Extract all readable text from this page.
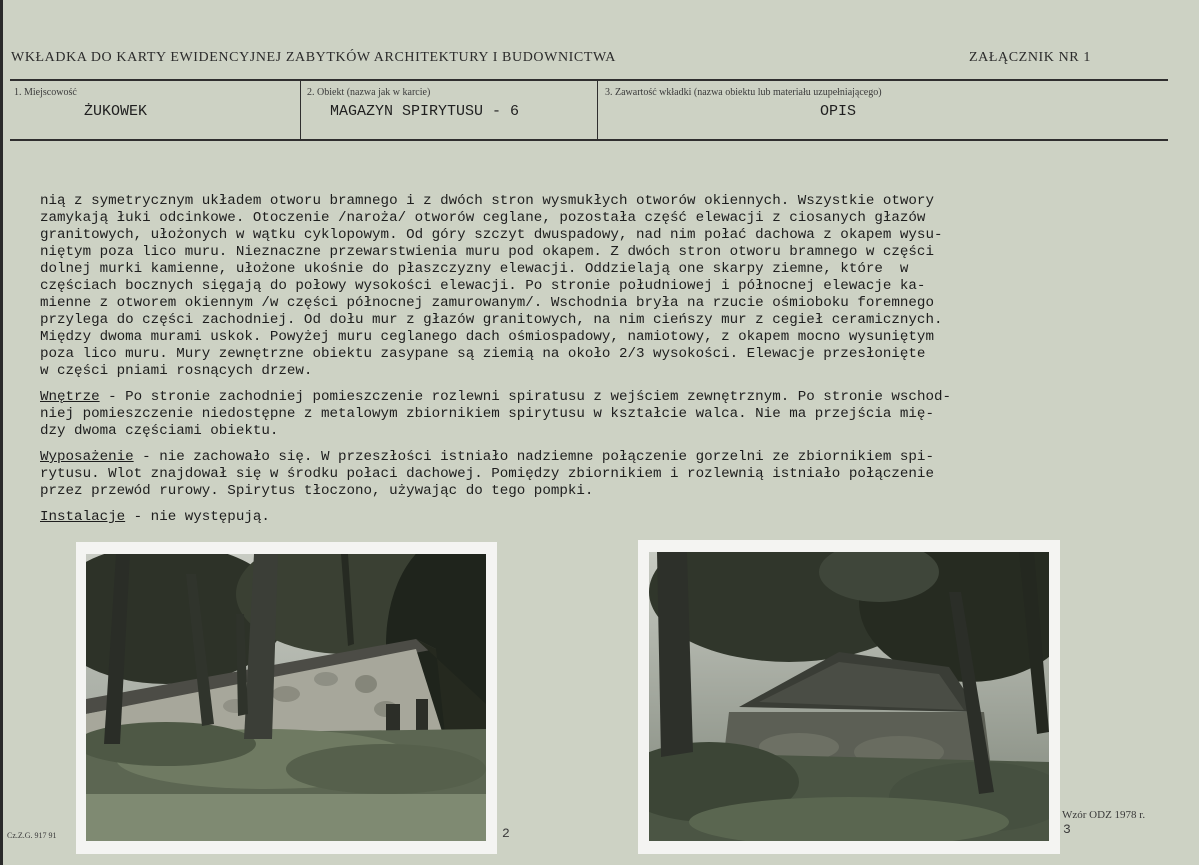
WKŁADKA DO KARTY EWIDENCYJNEJ ZABYTKÓW ARCHITEKTURY I BUDOWNICTWA	ZAŁĄCZNIK NR 1
1. Miejscowość
ŻUKOWEK
2. Obiekt (nazwa jak w karcie)
MAGAZYN SPIRYTUSU - 6
3. Zawartość wkładki (nazwa obiektu lub materiału uzupełniającego)
OPIS

nią z symetrycznym układem otworu bramnego i z dwóch stron wysmukłych otworów okiennych. Wszystkie otwory

zamykają łuki odcinkowe. Otoczenie /naroża/ otworów ceglane, pozostała część elewacji z ciosanych głazów

granitowych, ułożonych w wątku cyklopowym. Od góry szczyt dwuspadowy, nad nim połać dachowa z okapem wysu-

niętym poza lico muru. Nieznaczne przewarstwienia muru pod okapem. Z dwóch stron otworu bramnego w części

dolnej murki kamienne, ułożone ukośnie do płaszczyzny elewacji. Oddzielają one skarpy ziemne, które  w

częściach bocznych sięgają do połowy wysokości elewacji. Po stronie południowej i północnej elewacje ka-

mienne z otworem okiennym /w części północnej zamurowanym/. Wschodnia bryła na rzucie ośmioboku foremnego

przylega do części zachodniej. Od dołu mur z głazów granitowych, na nim cieńszy mur z cegieł ceramicznych.

Między dwoma murami uskok. Powyżej muru ceglanego dach ośmiospadowy, namiotowy, z okapem mocno wysuniętym

poza lico muru. Mury zewnętrzne obiektu zasypane są ziemią na około 2/3 wysokości. Elewacje przesłonięte

w części pniami rosnących drzew.

Wnętrze - Po stronie zachodniej pomieszczenie rozlewni spiratusu z wejściem zewnętrznym. Po stronie wschod-

niej pomieszczenie niedostępne z metalowym zbiornikiem spirytusu w kształcie walca. Nie ma przejścia mię-

dzy dwoma częściami obiektu.

Wyposażenie - nie zachowało się. W przeszłości istniało nadziemne połączenie gorzelni ze zbiornikiem spi-

rytusu. Wlot znajdował się w środku połaci dachowej. Pomiędzy zbiornikiem i rozlewnią istniało połączenie

przez przewód rurowy. Spirytus tłoczono, używając do tego pompki.

Instalacje - nie występują.

2	3
Cz.Z.G. 917 91
Wzór ODZ 1978 r.
